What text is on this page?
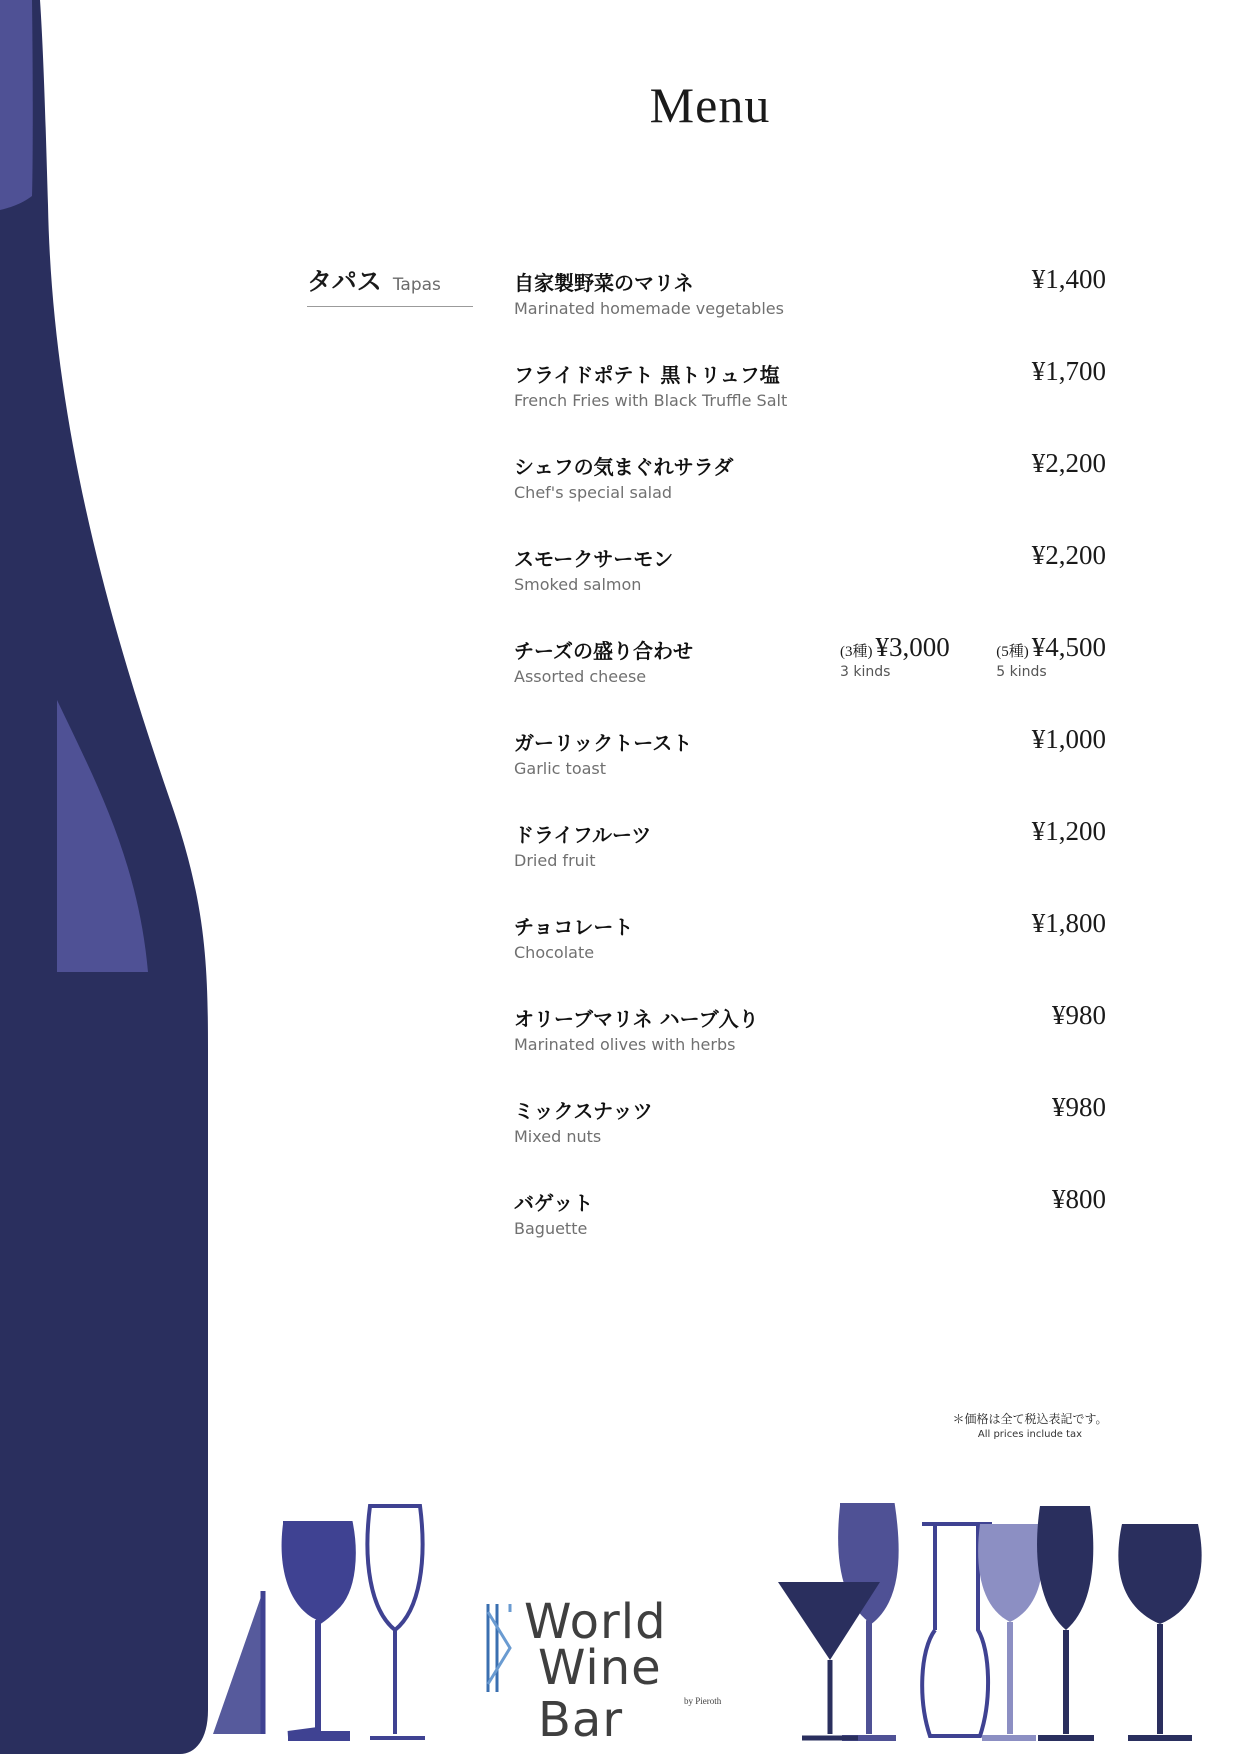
Menu
タパス Tapas	自家製野菜のマリネ
Marinated homemade vegetables
¥1,400
フライドポテト 黒トリュフ塩
French Fries with Black Truffle Salt
¥1,700
シェフの気まぐれサラダ
Chef's special salad
¥2,200
スモークサーモン
Smoked salmon
¥2,200
チーズの盛り合わせ
Assorted cheese
(3種) ¥3,000
3 kinds
(5種) ¥4,500
5 kinds
ガーリックトースト
Garlic toast
¥1,000
ドライフルーツ
Dried fruit
¥1,200
チョコレート
Chocolate
¥1,800
オリーブマリネ ハーブ入り
Marinated olives with herbs
¥980
ミックスナッツ
Mixed nuts
¥980
バゲット
Baguette
¥800
＊価格は全て税込表記です。
All prices include tax
World
Wine Bar	by Pieroth
